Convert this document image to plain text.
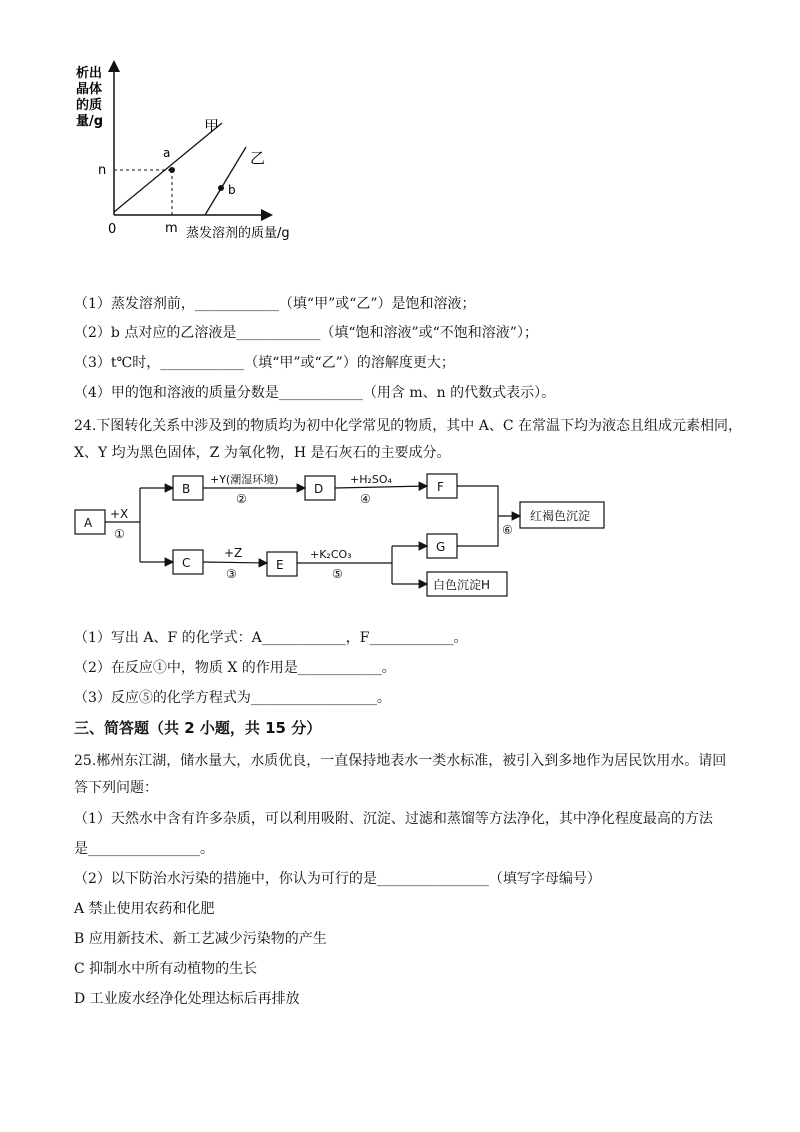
析出
晶体
的质
量/g
a
b
甲
乙
n
0	m 蒸发溶剂的质量/g
（1）蒸发溶剂前，____________（填“甲”或“乙”）是饱和溶液；
（2）b 点对应的乙溶液是____________（填“饱和溶液”或“不饱和溶液”）；
（3）t℃时，____________（填“甲”或“乙”）的溶解度更大；
（4）甲的饱和溶液的质量分数是____________（用含 m、n 的代数式表示）。
24.下图转化关系中涉及到的物质均为初中化学常见的物质，其中 A、C 在常温下均为液态且组成元素相同，
X、Y 均为黑色固体，Z 为氧化物，H 是石灰石的主要成分。
A
B	D	F
C	E
G
红褐色沉淀
白色沉淀H
+X
①
+Y(潮湿环境)
②
+H₂SO₄
④
+Z
③
+K₂CO₃
⑤
⑥
（1）写出 A、F 的化学式：A____________，F____________。
（2）在反应①中，物质 X 的作用是____________。
（3）反应⑤的化学方程式为__________________。
三、简答题（共 2 小题，共 15 分）
25.郴州东江湖，储水量大，水质优良，一直保持地表水一类水标准，被引入到多地作为居民饮用水。请回
答下列问题：
（1）天然水中含有许多杂质，可以利用吸附、沉淀、过滤和蒸馏等方法净化，其中净化程度最高的方法
是________________。
（2）以下防治水污染的措施中，你认为可行的是________________（填写字母编号）
A 禁止使用农药和化肥
B 应用新技术、新工艺减少污染物的产生
C 抑制水中所有动植物的生长
D 工业废水经净化处理达标后再排放
